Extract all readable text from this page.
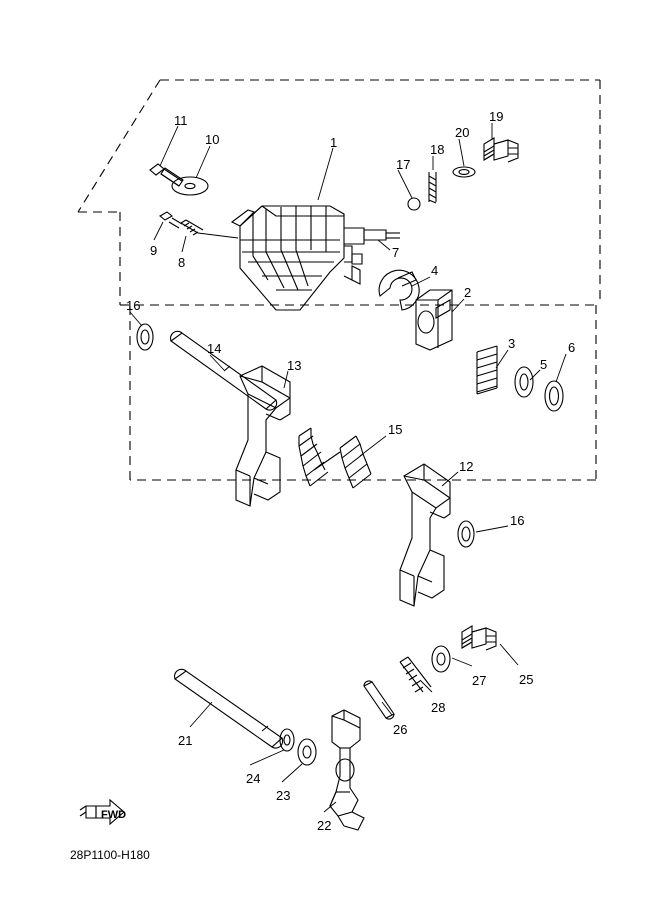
11
10	1
17
18
20
19
9
8
7
4
2
3
5
6
16
14
13
15
12
16
25
27
28
26
21
24
23
22
FWD
28P1100-H180
